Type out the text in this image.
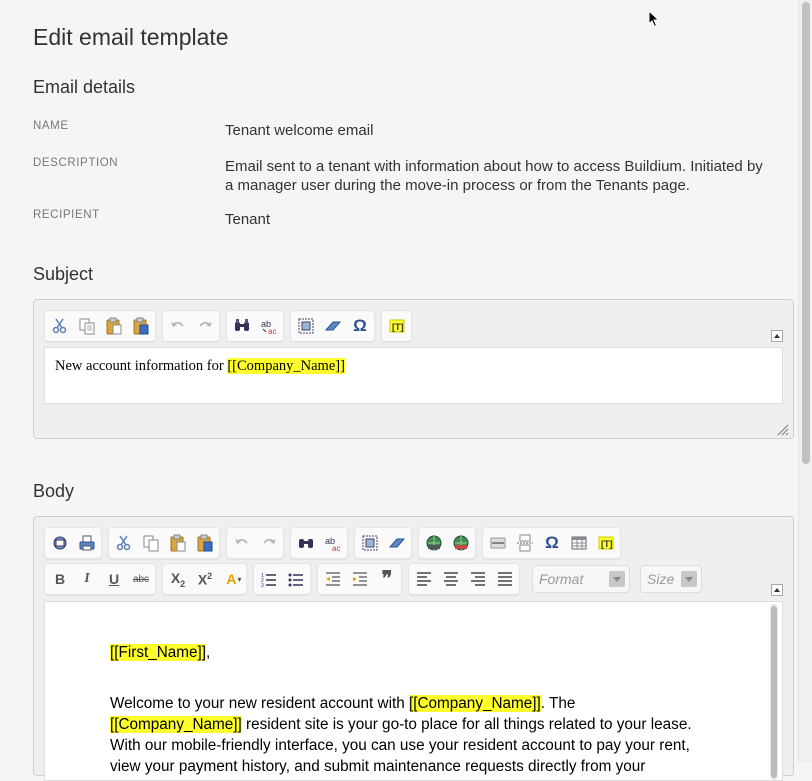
Edit email template
Email details
NAME	Tenant welcome email
DESCRIPTION	Email sent to a tenant with information about how to access Buildium. Initiated by a manager user during the move-in process or from the Tenants page.
RECIPIENT	Tenant
Subject
ab
ac	Ω	[T]
New account information for [[Company_Name]]
Body
ab
ac	Ω	[T]
B I U abc $X_2$ $X^2$ A ▾	1
2
3	❞	Format	Size
[[First_Name]],
Welcome to your new resident account with [[Company_Name]]. The [[Company_Name]] resident site is your go-to place for all things related to your lease. With our mobile-friendly interface, you can use your resident account to pay your rent, view your payment history, and submit maintenance requests directly from your
